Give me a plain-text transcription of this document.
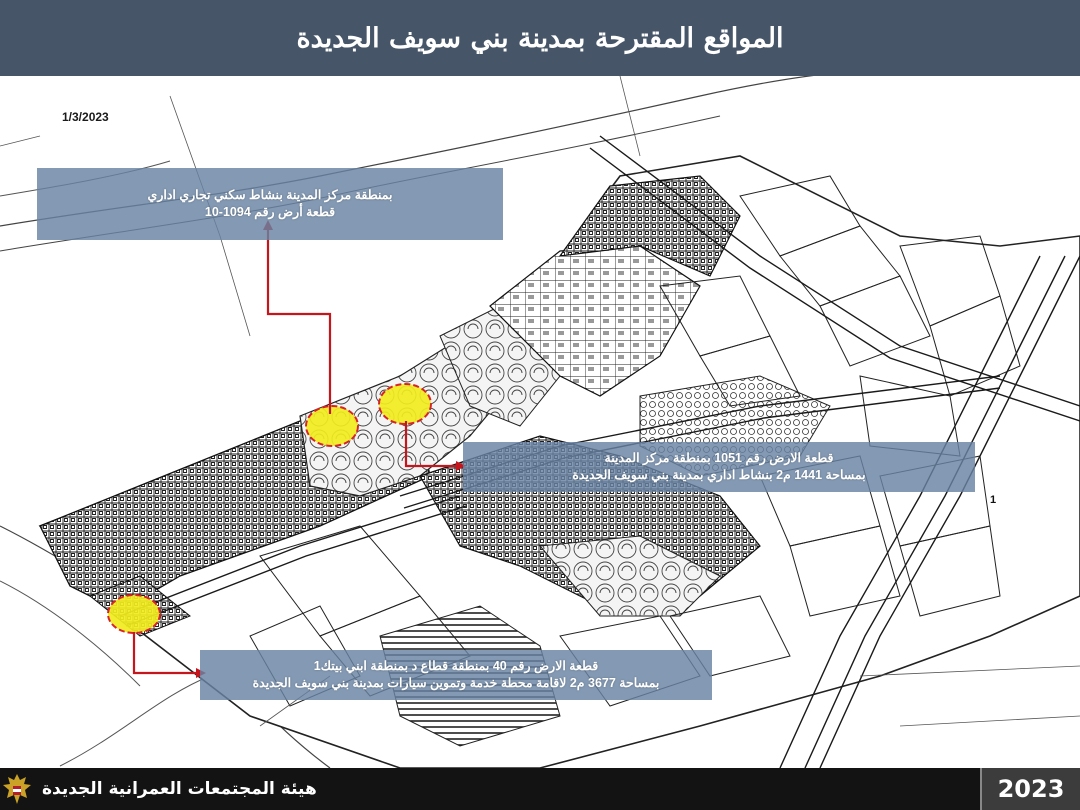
المواقع المقترحة بمدينة بني سويف الجديدة
1/3/2023
1
بمنطقة مركز المدينة بنشاط سكني تجاري اداري
قطعة أرض رقم 1094-10
قطعة الارض رقم 1051 بمنطقة مركز المدينة
بمساحة 1441 م2 بنشاط اداري بمدينة بني سويف الجديدة
قطعة الارض رقم 40 بمنطقة قطاع د بمنطقة ابني بيتك1
بمساحة 3677 م2 لاقامة محطة خدمة وتموين سيارات بمدينة بني سويف الجديدة
هيئة المجتمعات العمرانية الجديدة	2023
